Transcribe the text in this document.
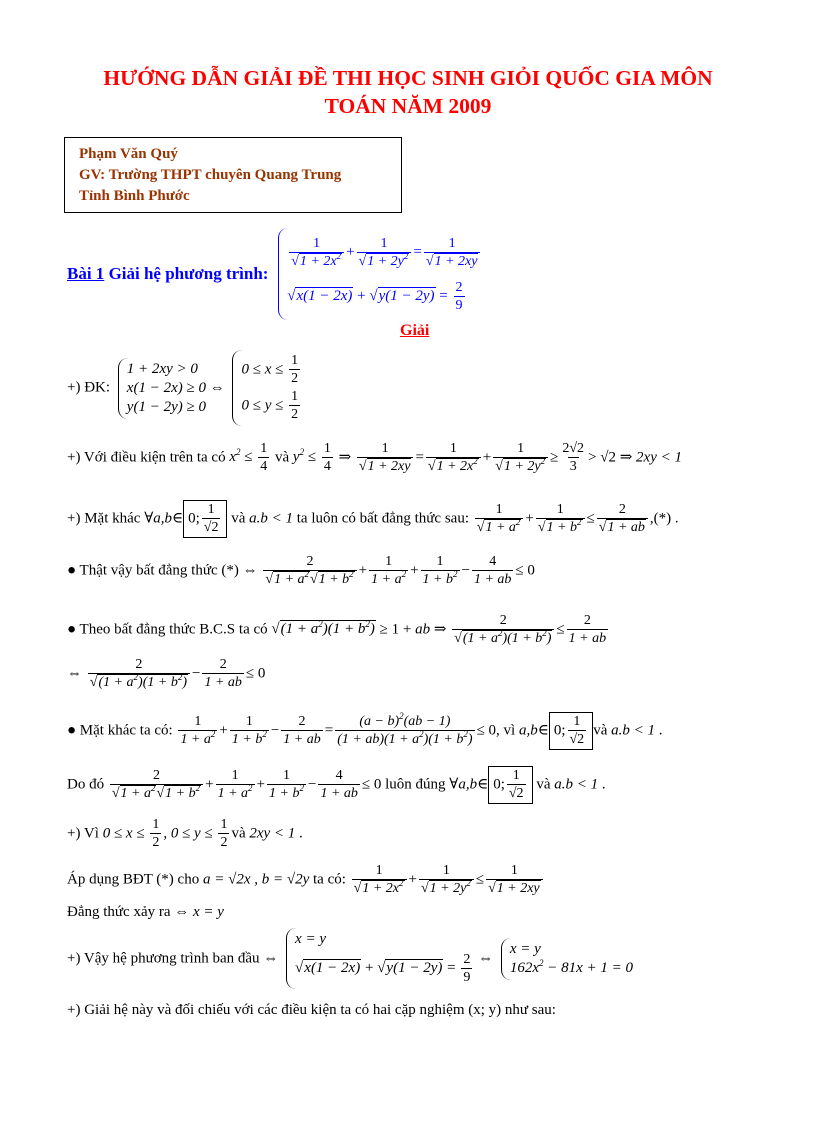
HƯỚNG DẪN GIẢI ĐỀ THI HỌC SINH GIỎI QUỐC GIA MÔN
TOÁN NĂM 2009
Phạm Văn Quý
GV: Trường THPT chuyên Quang Trung
Tỉnh Bình Phước
Bài 1 Giải hệ phương trình:
$\frac{1}{√1 + 2x^2} + \frac{1}{√1 + 2y^2} = \frac{1}{√1 + 2xy}$
$√x(1 - 2x) + √y(1 - 2y) = \frac{2}{9}$
Giải
+) ĐK:
1 + 2xy > 0
x(1 − 2x) ≥ 0
y(1 − 2y) ≥ 0
⇔
$0 \le x \le \frac{1}{2}$
$0 \le y \le \frac{1}{2}$
+) Với điều kiện trên ta có $x^2 \le \frac{1}{4}$ và $y^2 \le \frac{1}{4}$ ⇒ $\frac{1}{√1 + 2xy} = \frac{1}{√1 + 2x^2} + \frac{1}{√1 + 2y^2} \ge \frac{2√2}{3} > √2$ ⇒ 2xy < 1
+) Mặt khác ∀a,b∈ 0; $\frac{1}{√2}$ và a.b < 1 ta luôn có bất đẳng thức sau: $\frac{1}{√1 + a^2} + \frac{1}{√1 + b^2} \le \frac{2}{√1 + ab}$ ,(*) .
● Thật vậy bất đẳng thức (*) ⇔ $\frac{2}{√1 + a^2√1 + b^2} + \frac{1}{1 + a^2} + \frac{1}{1 + b^2} - \frac{4}{1 + ab} \le 0$
● Theo bất đẳng thức B.C.S ta có $√(1 + a^2)(1 + b^2) \ge 1$ + ab ⇒ $\frac{2}{√(1 + a^2)(1 + b^2)} \le \frac{2}{1 + ab}$
⇔ $\frac{2}{√(1 + a^2)(1 + b^2)} - \frac{2}{1 + ab} \le 0$
● Mặt khác ta có: $\frac{1}{1 + a^2} + \frac{1}{1 + b^2} - \frac{2}{1 + ab} = \frac{(a - b)^2(ab - 1)}{(1 + ab)(1 + a^2)(1 + b^2)} \le 0$, vì a,b∈ 0; $\frac{1}{√2}$ và a.b < 1 .
Do đó $\frac{2}{√1 + a^2√1 + b^2} + \frac{1}{1 + a^2} + \frac{1}{1 + b^2} - \frac{4}{1 + ab} \le 0$ luôn đúng ∀a,b∈ 0; $\frac{1}{√2}$ và a.b < 1 .
+) Vì $0 \le x \le \frac{1}{2}$ , $0 \le y \le \frac{1}{2}$ và 2xy < 1 .
Áp dụng BĐT (*) cho a = √2x , b = √2y ta có: $\frac{1}{√1 + 2x^2} + \frac{1}{√1 + 2y^2} \le \frac{1}{√1 + 2xy}$
Đẳng thức xảy ra ⇔ x = y
+) Vậy hệ phương trình ban đầu ⇔
x = y
$√x(1 - 2x) + √y(1 - 2y) = \frac{2}{9}$ ⇔
x = y
$162x^2 - 81x + 1 = 0$
+) Giải hệ này và đối chiếu với các điều kiện ta có hai cặp nghiệm (x; y) như sau:
